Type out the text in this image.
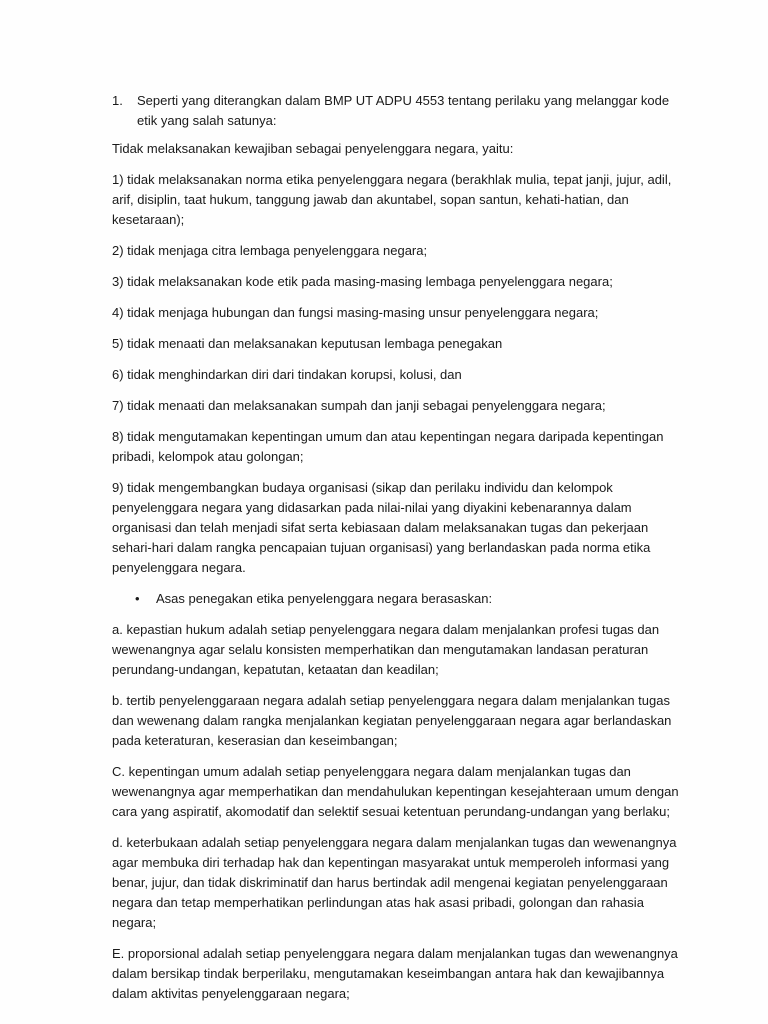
1. Seperti yang diterangkan dalam BMP UT ADPU 4553 tentang perilaku yang melanggar kode etik yang salah satunya:

Tidak melaksanakan kewajiban sebagai penyelenggara negara, yaitu:

1) tidak melaksanakan norma etika penyelenggara negara (berakhlak mulia, tepat janji, jujur, adil, arif, disiplin, taat hukum, tanggung jawab dan akuntabel, sopan santun, kehati-hatian, dan kesetaraan);

2) tidak menjaga citra lembaga penyelenggara negara;

3) tidak melaksanakan kode etik pada masing-masing lembaga penyelenggara negara;

4) tidak menjaga hubungan dan fungsi masing-masing unsur penyelenggara negara;

5) tidak menaati dan melaksanakan keputusan lembaga penegakan

6) tidak menghindarkan diri dari tindakan korupsi, kolusi, dan

7) tidak menaati dan melaksanakan sumpah dan janji sebagai penyelenggara negara;

8) tidak mengutamakan kepentingan umum dan atau kepentingan negara daripada kepentingan pribadi, kelompok atau golongan;

9) tidak mengembangkan budaya organisasi (sikap dan perilaku individu dan kelompok penyelenggara negara yang didasarkan pada nilai-nilai yang diyakini kebenarannya dalam organisasi dan telah menjadi sifat serta kebiasaan dalam melaksanakan tugas dan pekerjaan sehari-hari dalam rangka pencapaian tujuan organisasi) yang berlandaskan pada norma etika penyelenggara negara.

• Asas penegakan etika penyelenggara negara berasaskan:

a. kepastian hukum adalah setiap penyelenggara negara dalam menjalankan profesi tugas dan wewenangnya agar selalu konsisten memperhatikan dan mengutamakan landasan peraturan perundang-undangan, kepatutan, ketaatan dan keadilan;

b. tertib penyelenggaraan negara adalah setiap penyelenggara negara dalam menjalankan tugas dan wewenang dalam rangka menjalankan kegiatan penyelenggaraan negara agar berlandaskan pada keteraturan, keserasian dan keseimbangan;

C. kepentingan umum adalah setiap penyelenggara negara dalam menjalankan tugas dan wewenangnya agar memperhatikan dan mendahulukan kepentingan kesejahteraan umum dengan cara yang aspiratif, akomodatif dan selektif sesuai ketentuan perundang-undangan yang berlaku;

d. keterbukaan adalah setiap penyelenggara negara dalam menjalankan tugas dan wewenangnya agar membuka diri terhadap hak dan kepentingan masyarakat untuk memperoleh informasi yang benar, jujur, dan tidak diskriminatif dan harus bertindak adil mengenai kegiatan penyelenggaraan negara dan tetap memperhatikan perlindungan atas hak asasi pribadi, golongan dan rahasia negara;

E. proporsional adalah setiap penyelenggara negara dalam menjalankan tugas dan wewenangnya dalam bersikap tindak berperilaku, mengutamakan keseimbangan antara hak dan kewajibannya dalam aktivitas penyelenggaraan negara;
